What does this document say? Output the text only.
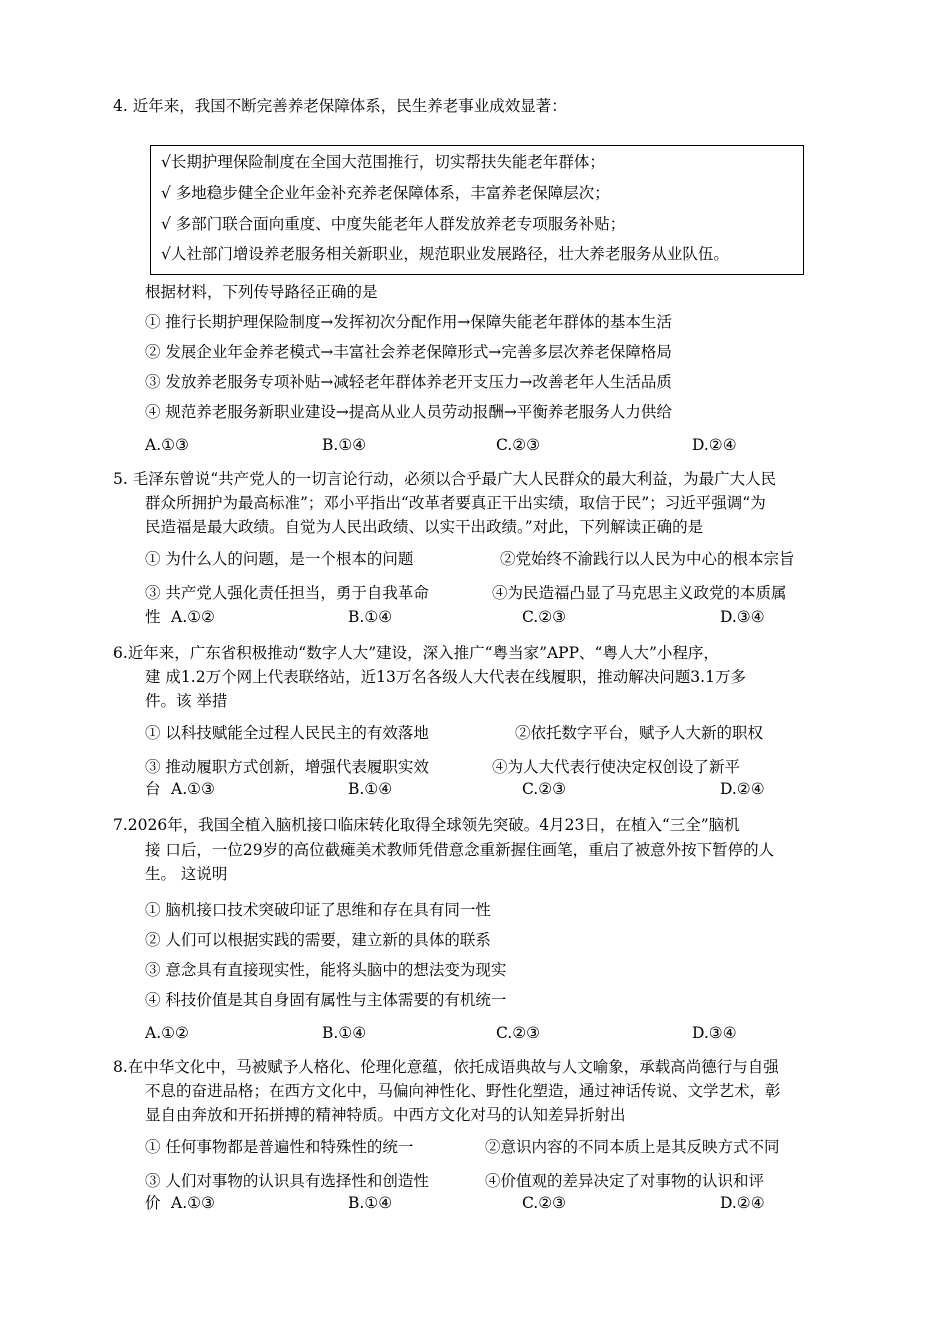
4. 近年来，我国不断完善养老保障体系，民生养老事业成效显著：
√长期护理保险制度在全国大范围推行，切实帮扶失能老年群体；
√ 多地稳步健全企业年金补充养老保障体系，丰富养老保障层次；
√ 多部门联合面向重度、中度失能老年人群发放养老专项服务补贴；
√人社部门增设养老服务相关新职业，规范职业发展路径，壮大养老服务从业队伍。
根据材料，下列传导路径正确的是
① 推行长期护理保险制度→发挥初次分配作用→保障失能老年群体的基本生活
② 发展企业年金养老模式→丰富社会养老保障形式→完善多层次养老保障格局
③ 发放养老服务专项补贴→减轻老年群体养老开支压力→改善老年人生活品质
④ 规范养老服务新职业建设→提高从业人员劳动报酬→平衡养老服务人力供给
A.①③	B.①④	C.②③	D.②④
5. 毛泽东曾说“共产党人的一切言论行动，必须以合乎最广大人民群众的最大利益，为最广大人民
群众所拥护为最高标准”；邓小平指出“改革者要真正干出实绩，取信于民”；习近平强调“为
民造福是最大政绩。自觉为人民出政绩、以实干出政绩。”对此，下列解读正确的是
① 为什么人的问题，是一个根本的问题	②党始终不渝践行以人民为中心的根本宗旨
③ 共产党人强化责任担当，勇于自我革命	④为民造福凸显了马克思主义政党的本质属
性 A.①②	B.①④	C.②③	D.③④
6.近年来，广东省积极推动“数字人大”建设，深入推广“粤当家”APP、“粤人大”小程序，
建 成1.2万个网上代表联络站，近13万名各级人大代表在线履职，推动解决问题3.1万多
件。该 举措
① 以科技赋能全过程人民民主的有效落地	②依托数字平台，赋予人大新的职权
③ 推动履职方式创新，增强代表履职实效	④为人大代表行使决定权创设了新平
台 A.①③	B.①④	C.②③	D.②④
7.2026年，我国全植入脑机接口临床转化取得全球领先突破。4月23日，在植入“三全”脑机
接 口后，一位29岁的高位截瘫美术教师凭借意念重新握住画笔，重启了被意外按下暂停的人
生。 这说明
① 脑机接口技术突破印证了思维和存在具有同一性
② 人们可以根据实践的需要，建立新的具体的联系
③ 意念具有直接现实性，能将头脑中的想法变为现实
④ 科技价值是其自身固有属性与主体需要的有机统一
A.①②	B.①④	C.②③	D.③④
8.在中华文化中，马被赋予人格化、伦理化意蕴，依托成语典故与人文喻象，承载高尚德行与自强
不息的奋进品格；在西方文化中，马偏向神性化、野性化塑造，通过神话传说、文学艺术，彰
显自由奔放和开拓拼搏的精神特质。中西方文化对马的认知差异折射出
① 任何事物都是普遍性和特殊性的统一	②意识内容的不同本质上是其反映方式不同
③ 人们对事物的认识具有选择性和创造性	④价值观的差异决定了对事物的认识和评
价 A.①③	B.①④	C.②③	D.②④
